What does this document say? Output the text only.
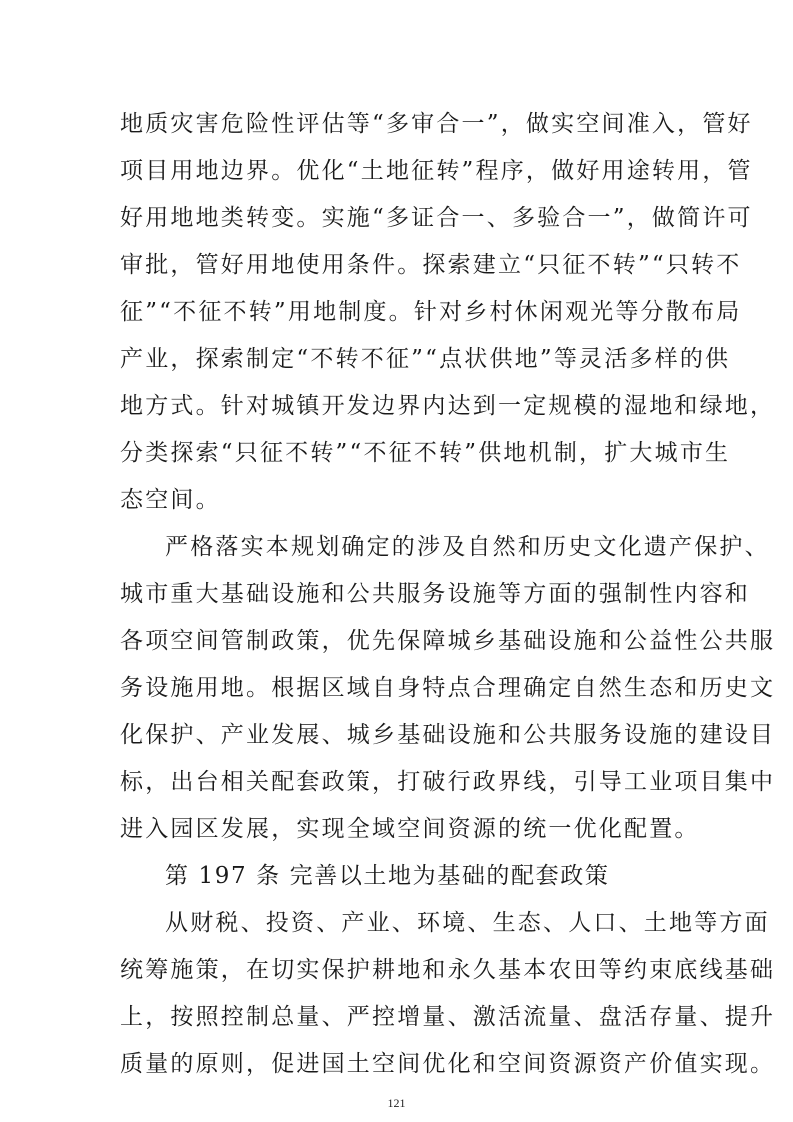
地质灾害危险性评估等“多审合一”，做实空间准入，管好
项目用地边界。优化“土地征转”程序，做好用途转用，管
好用地地类转变。实施“多证合一、多验合一”，做简许可
审批，管好用地使用条件。探索建立“只征不转”“只转不
征”“不征不转”用地制度。针对乡村休闲观光等分散布局
产业，探索制定“不转不征”“点状供地”等灵活多样的供
地方式。针对城镇开发边界内达到一定规模的湿地和绿地，
分类探索“只征不转”“不征不转”供地机制，扩大城市生
态空间。
严格落实本规划确定的涉及自然和历史文化遗产保护、
城市重大基础设施和公共服务设施等方面的强制性内容和
各项空间管制政策，优先保障城乡基础设施和公益性公共服
务设施用地。根据区域自身特点合理确定自然生态和历史文
化保护、产业发展、城乡基础设施和公共服务设施的建设目
标，出台相关配套政策，打破行政界线，引导工业项目集中
进入园区发展，实现全域空间资源的统一优化配置。
第 197 条 完善以土地为基础的配套政策
从财税、投资、产业、环境、生态、人口、土地等方面
统筹施策，在切实保护耕地和永久基本农田等约束底线基础
上，按照控制总量、严控增量、激活流量、盘活存量、提升
质量的原则，促进国土空间优化和空间资源资产价值实现。
121
